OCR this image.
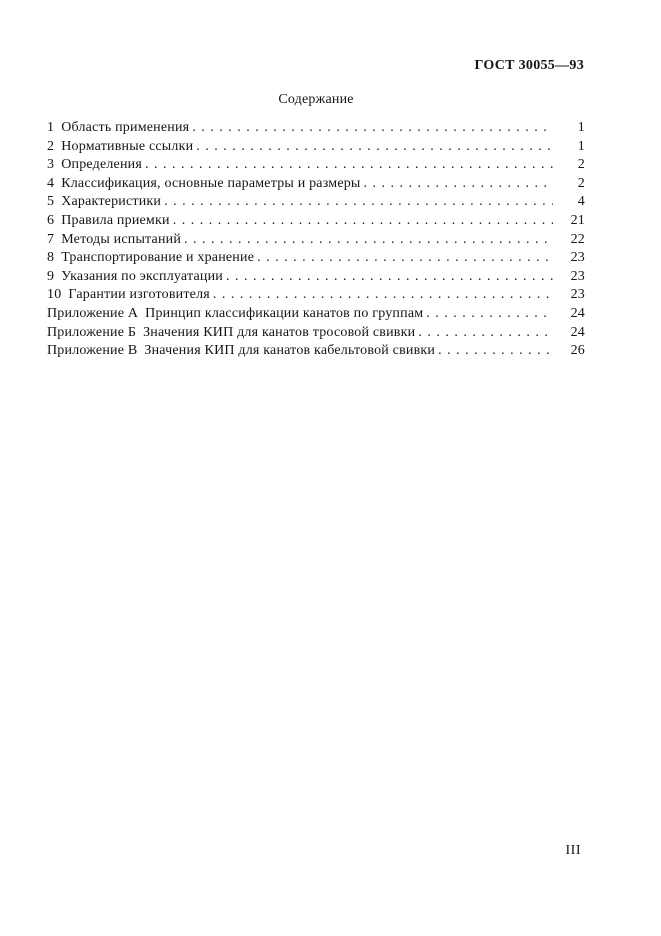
ГОСТ 30055—93
Содержание
1 Область применения . . .	1
2 Нормативные ссылки . . .	1
3 Определения . . .	2
4 Классификация, основные параметры и размеры . . .	2
5 Характеристики . . .	4
6 Правила приемки . . .	21
7 Методы испытаний . . .	22
8 Транспортирование и хранение . . .	23
9 Указания по эксплуатации . . .	23
10 Гарантии изготовителя . . .	23
Приложение А Принцип классификации канатов по группам . . .	24
Приложение Б Значения КИП для канатов тросовой свивки . . .	24
Приложение В Значения КИП для канатов кабельтовой свивки . . .	26
III
